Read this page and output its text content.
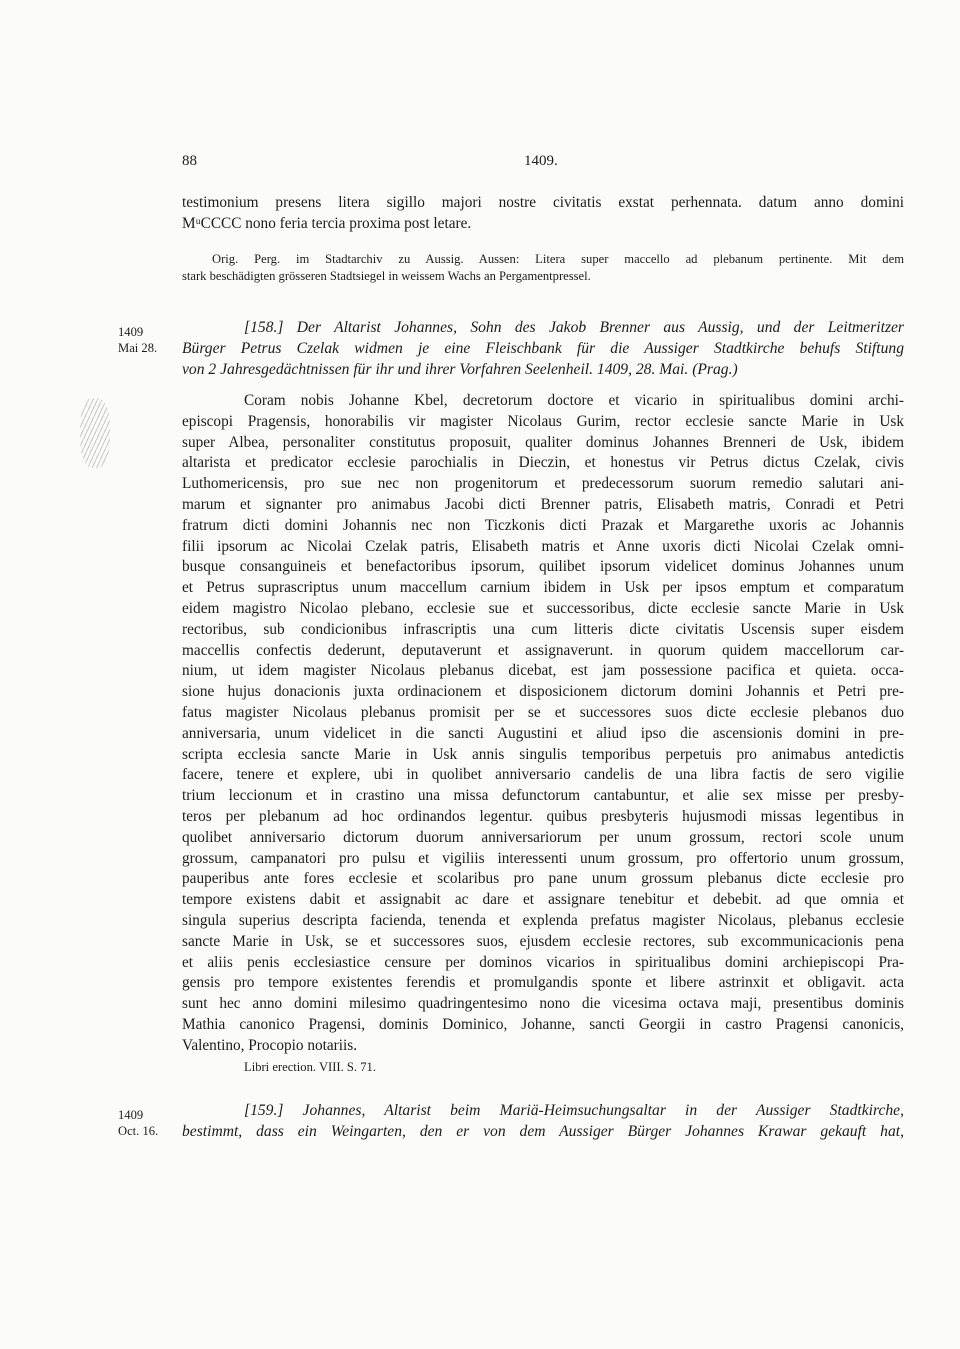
88	1409.
testimonium presens litera sigillo majori nostre civitatis exstat perhennata. datum anno domini
MᵘCCCC nono feria tercia proxima post letare.
Orig. Perg. im Stadtarchiv zu Aussig. Aussen: Litera super maccello ad plebanum pertinente. Mit dem
stark beschädigten grösseren Stadtsiegel in weissem Wachs an Pergamentpressel.
1409
Mai 28.
[158.] Der Altarist Johannes, Sohn des Jakob Brenner aus Aussig, und der Leitmeritzer
Bürger Petrus Czelak widmen je eine Fleischbank für die Aussiger Stadtkirche behufs Stiftung
von 2 Jahresgedächtnissen für ihr und ihrer Vorfahren Seelenheil. 1409, 28. Mai. (Prag.)
Coram nobis Johanne Kbel, decretorum doctore et vicario in spiritualibus domini archi-
episcopi Pragensis, honorabilis vir magister Nicolaus Gurim, rector ecclesie sancte Marie in Usk
super Albea, personaliter constitutus proposuit, qualiter dominus Johannes Brenneri de Usk, ibidem
altarista et predicator ecclesie parochialis in Dieczin, et honestus vir Petrus dictus Czelak, civis
Luthomericensis, pro sue nec non progenitorum et predecessorum suorum remedio salutari ani-
marum et signanter pro animabus Jacobi dicti Brenner patris, Elisabeth matris, Conradi et Petri
fratrum dicti domini Johannis nec non Ticzkonis dicti Prazak et Margarethe uxoris ac Johannis
filii ipsorum ac Nicolai Czelak patris, Elisabeth matris et Anne uxoris dicti Nicolai Czelak omni-
busque consanguineis et benefactoribus ipsorum, quilibet ipsorum videlicet dominus Johannes unum
et Petrus suprascriptus unum maccellum carnium ibidem in Usk per ipsos emptum et comparatum
eidem magistro Nicolao plebano, ecclesie sue et successoribus, dicte ecclesie sancte Marie in Usk
rectoribus, sub condicionibus infrascriptis una cum litteris dicte civitatis Uscensis super eisdem
maccellis confectis dederunt, deputaverunt et assignaverunt. in quorum quidem maccellorum car-
nium, ut idem magister Nicolaus plebanus dicebat, est jam possessione pacifica et quieta. occa-
sione hujus donacionis juxta ordinacionem et disposicionem dictorum domini Johannis et Petri pre-
fatus magister Nicolaus plebanus promisit per se et successores suos dicte ecclesie plebanos duo
anniversaria, unum videlicet in die sancti Augustini et aliud ipso die ascensionis domini in pre-
scripta ecclesia sancte Marie in Usk annis singulis temporibus perpetuis pro animabus antedictis
facere, tenere et explere, ubi in quolibet anniversario candelis de una libra factis de sero vigilie
trium leccionum et in crastino una missa defunctorum cantabuntur, et alie sex misse per presby-
teros per plebanum ad hoc ordinandos legentur. quibus presbyteris hujusmodi missas legentibus in
quolibet anniversario dictorum duorum anniversariorum per unum grossum, rectori scole unum
grossum, campanatori pro pulsu et vigiliis interessenti unum grossum, pro offertorio unum grossum,
pauperibus ante fores ecclesie et scolaribus pro pane unum grossum plebanus dicte ecclesie pro
tempore existens dabit et assignabit ac dare et assignare tenebitur et debebit. ad que omnia et
singula superius descripta facienda, tenenda et explenda prefatus magister Nicolaus, plebanus ecclesie
sancte Marie in Usk, se et successores suos, ejusdem ecclesie rectores, sub excommunicacionis pena
et aliis penis ecclesiastice censure per dominos vicarios in spiritualibus domini archiepiscopi Pra-
gensis pro tempore existentes ferendis et promulgandis sponte et libere astrinxit et obligavit. acta
sunt hec anno domini milesimo quadringentesimo nono die vicesima octava maji, presentibus dominis
Mathia canonico Pragensi, dominis Dominico, Johanne, sancti Georgii in castro Pragensi canonicis,
Valentino, Procopio notariis.
Libri erection. VIII. S. 71.
1409
Oct. 16.
[159.] Johannes, Altarist beim Mariä-Heimsuchungsaltar in der Aussiger Stadtkirche,
bestimmt, dass ein Weingarten, den er von dem Aussiger Bürger Johannes Krawar gekauft hat,
